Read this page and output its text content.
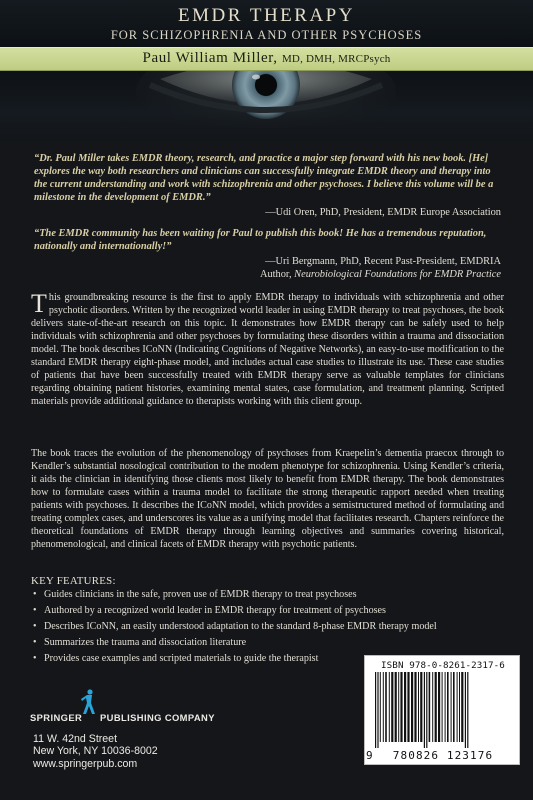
EMDR THERAPY
FOR SCHIZOPHRENIA AND OTHER PSYCHOSES
Paul William Miller, MD, DMH, MRCPsych
“Dr. Paul Miller takes EMDR theory, research, and practice a major step forward with his new book. [He] explores the way both researchers and clinicians can successfully integrate EMDR theory and therapy into the current understanding and work with schizophrenia and other psychoses. I believe this volume will be a milestone in the development of EMDR.”
—Udi Oren, PhD, President, EMDR Europe Association
“The EMDR community has been waiting for Paul to publish this book! He has a tremendous reputation, nationally and internationally!”
—Uri Bergmann, PhD, Recent Past-President, EMDRIA
Author, Neurobiological Foundations for EMDR Practice
This groundbreaking resource is the first to apply EMDR therapy to individuals with schizophrenia and other psychotic disorders. Written by the recognized world leader in using EMDR therapy to treat psychoses, the book delivers state-of-the-art research on this topic. It demonstrates how EMDR therapy can be safely used to help individuals with schizophrenia and other psychoses by formulating these disorders within a trauma and dissociation model. The book describes ICoNN (Indicating Cognitions of Negative Networks), an easy-to-use modification to the standard EMDR therapy eight-phase model, and includes actual case studies to illustrate its use. These case studies of patients that have been successfully treated with EMDR therapy serve as valuable templates for clinicians regarding obtaining patient histories, examining mental states, case formulation, and treatment planning. Scripted materials provide additional guidance to therapists working with this client group.
The book traces the evolution of the phenomenology of psychoses from Kraepelin’s dementia praecox through to Kendler’s substantial nosological contribution to the modern phenotype for schizophrenia. Using Kendler’s criteria, it aids the clinician in identifying those clients most likely to benefit from EMDR therapy. The book demonstrates how to formulate cases within a trauma model to facilitate the strong therapeutic rapport needed when treating patients with psychoses. It describes the ICoNN model, which provides a semistructured method of formulating and treating complex cases, and underscores its value as a unifying model that facilitates research. Chapters reinforce the theoretical foundations of EMDR therapy through learning objectives and summaries covering historical, phenomenological, and clinical facets of EMDR therapy with psychotic patients.
KEY FEATURES:
• Guides clinicians in the safe, proven use of EMDR therapy to treat psychoses
• Authored by a recognized world leader in EMDR therapy for treatment of psychoses
• Describes ICoNN, an easily understood adaptation to the standard 8-phase EMDR therapy model
• Summarizes the trauma and dissociation literature
• Provides case examples and scripted materials to guide the therapist
SPRINGER PUBLISHING COMPANY
11 W. 42nd Street
New York, NY 10036-8002
www.springerpub.com
ISBN 978-0-8261-2317-6
9	780826 123176
